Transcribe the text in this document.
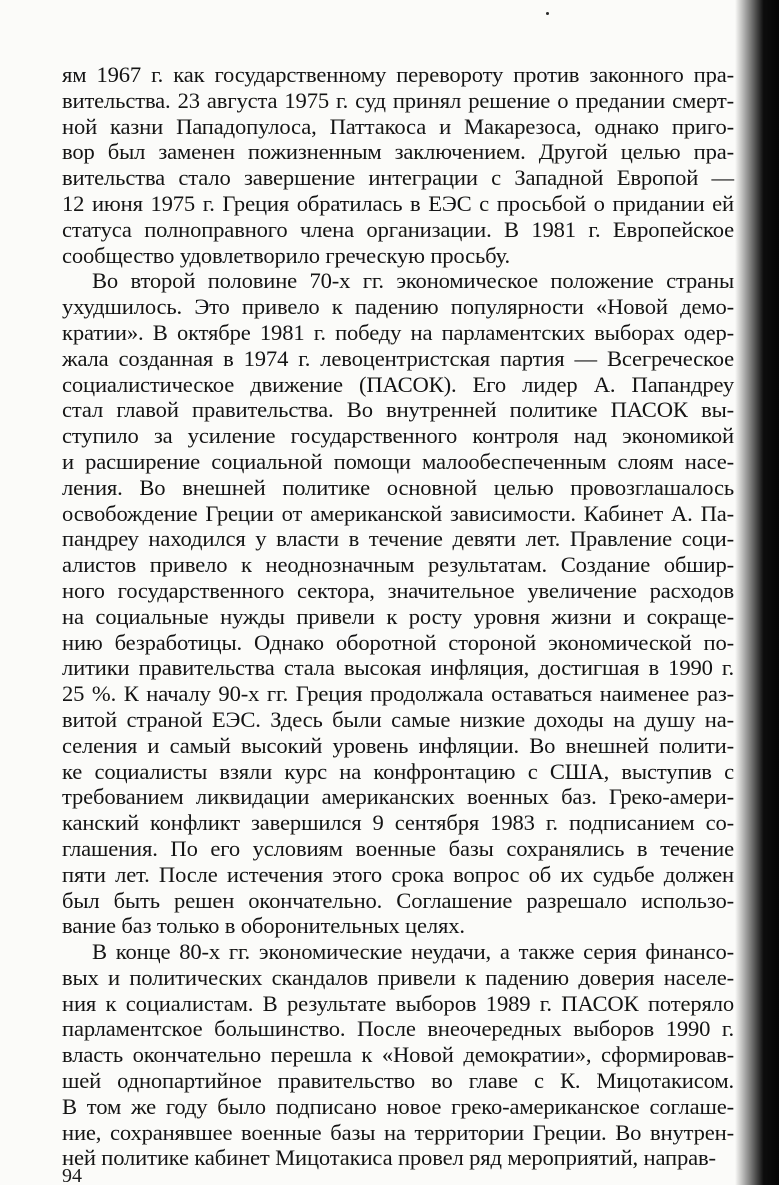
ям 1967 г. как государственному перевороту против законного пра-
вительства. 23 августа 1975 г. суд принял решение о предании смерт-
ной казни Пападопулоса, Паттакоса и Макарезоса, однако приго-
вор был заменен пожизненным заключением. Другой целью пра-
вительства стало завершение интеграции с Западной Европой —
12 июня 1975 г. Греция обратилась в ЕЭС с просьбой о придании ей
статуса полноправного члена организации. В 1981 г. Европейское
сообщество удовлетворило греческую просьбу.
Во второй половине 70-х гг. экономическое положение страны
ухудшилось. Это привело к падению популярности «Новой демо-
кратии». В октябре 1981 г. победу на парламентских выборах одер-
жала созданная в 1974 г. левоцентристская партия — Всегреческое
социалистическое движение (ПАСОК). Его лидер А. Папандреу
стал главой правительства. Во внутренней политике ПАСОК вы-
ступило за усиление государственного контроля над экономикой
и расширение социальной помощи малообеспеченным слоям насе-
ления. Во внешней политике основной целью провозглашалось
освобождение Греции от американской зависимости. Кабинет А. Па-
пандреу находился у власти в течение девяти лет. Правление соци-
алистов привело к неоднозначным результатам. Создание обшир-
ного государственного сектора, значительное увеличение расходов
на социальные нужды привели к росту уровня жизни и сокраще-
нию безработицы. Однако оборотной стороной экономической по-
литики правительства стала высокая инфляция, достигшая в 1990 г.
25 %. К началу 90-х гг. Греция продолжала оставаться наименее раз-
витой страной ЕЭС. Здесь были самые низкие доходы на душу на-
селения и самый высокий уровень инфляции. Во внешней полити-
ке социалисты взяли курс на конфронтацию с США, выступив с
требованием ликвидации американских военных баз. Греко-амери-
канский конфликт завершился 9 сентября 1983 г. подписанием со-
глашения. По его условиям военные базы сохранялись в течение
пяти лет. После истечения этого срока вопрос об их судьбе должен
был быть решен окончательно. Соглашение разрешало использо-
вание баз только в оборонительных целях.
В конце 80-х гг. экономические неудачи, а также серия финансо-
вых и политических скандалов привели к падению доверия населе-
ния к социалистам. В результате выборов 1989 г. ПАСОК потеряло
парламентское большинство. После внеочередных выборов 1990 г.
власть окончательно перешла к «Новой демократии», сформировав-
шей однопартийное правительство во главе с К. Мицотакисом.
В том же году было подписано новое греко-американское соглаше-
ние, сохранявшее военные базы на территории Греции. Во внутрен-
ней политике кабинет Мицотакиса провел ряд мероприятий, направ-
94
